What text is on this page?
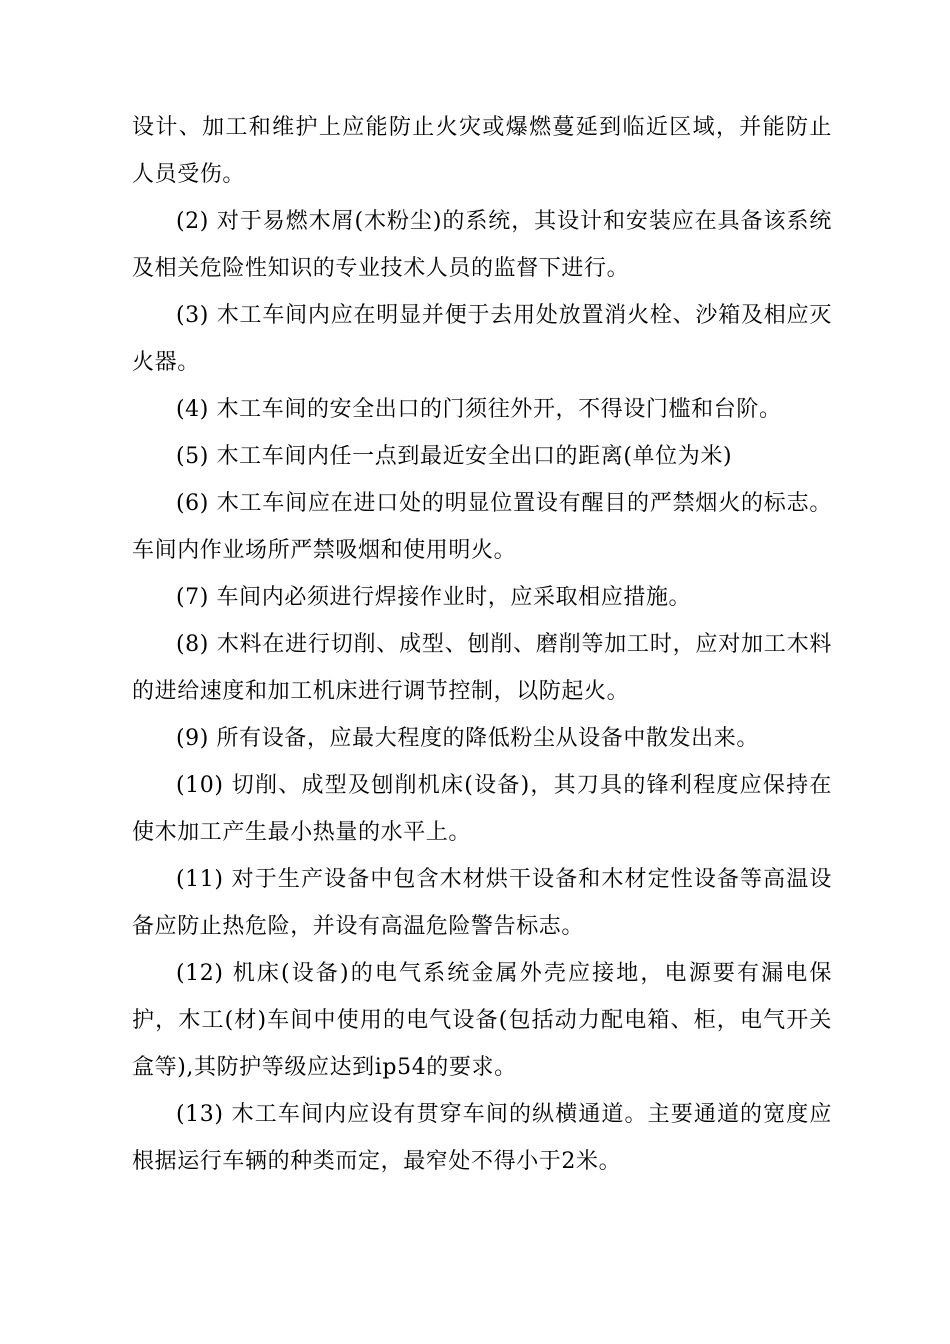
设计、加工和维护上应能防止火灾或爆燃蔓延到临近区域，并能防止人员受伤。

(2) 对于易燃木屑(木粉尘)的系统，其设计和安装应在具备该系统及相关危险性知识的专业技术人员的监督下进行。

(3) 木工车间内应在明显并便于去用处放置消火栓、沙箱及相应灭火器。

(4) 木工车间的安全出口的门须往外开，不得设门槛和台阶。

(5) 木工车间内任一点到最近安全出口的距离(单位为米)

(6) 木工车间应在进口处的明显位置设有醒目的严禁烟火的标志。车间内作业场所严禁吸烟和使用明火。

(7) 车间内必须进行焊接作业时，应采取相应措施。

(8) 木料在进行切削、成型、刨削、磨削等加工时，应对加工木料的进给速度和加工机床进行调节控制，以防起火。

(9) 所有设备，应最大程度的降低粉尘从设备中散发出来。

(10) 切削、成型及刨削机床(设备)，其刀具的锋利程度应保持在使木加工产生最小热量的水平上。

(11) 对于生产设备中包含木材烘干设备和木材定性设备等高温设备应防止热危险，并设有高温危险警告标志。

(12) 机床(设备)的电气系统金属外壳应接地，电源要有漏电保护，木工(材)车间中使用的电气设备(包括动力配电箱、柜，电气开关盒等),其防护等级应达到ip54的要求。

(13) 木工车间内应设有贯穿车间的纵横通道。主要通道的宽度应根据运行车辆的种类而定，最窄处不得小于2米。
